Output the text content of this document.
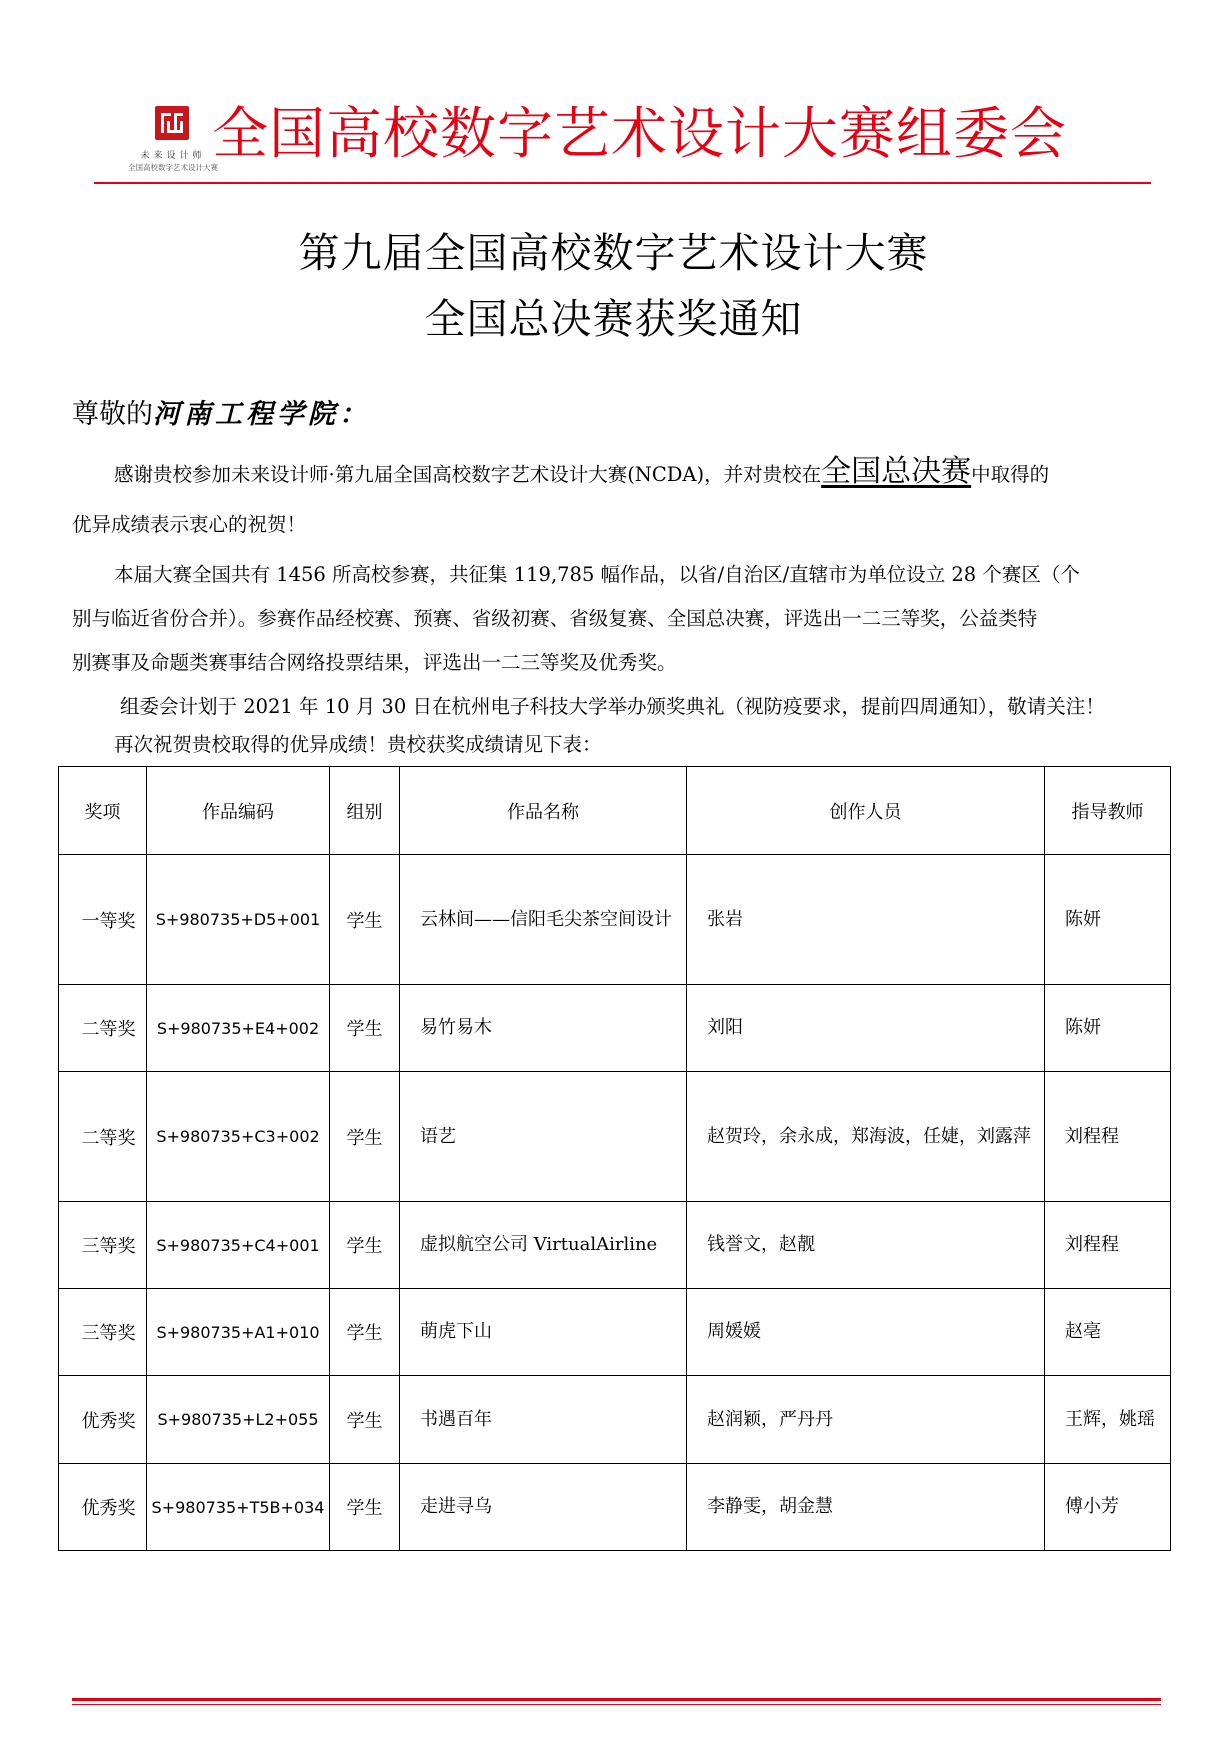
未来设计师
全国高校数字艺术设计大赛
全国高校数字艺术设计大赛组委会
第九届全国高校数字艺术设计大赛
全国总决赛获奖通知
尊敬的河南工程学院：
感谢贵校参加未来设计师·第九届全国高校数字艺术设计大赛(NCDA)，并对贵校在全国总决赛中取得的
优异成绩表示衷心的祝贺！
本届大赛全国共有 1456 所高校参赛，共征集 119,785 幅作品，以省/自治区/直辖市为单位设立 28 个赛区（个
别与临近省份合并）。参赛作品经校赛、预赛、省级初赛、省级复赛、全国总决赛，评选出一二三等奖，公益类特
别赛事及命题类赛事结合网络投票结果，评选出一二三等奖及优秀奖。
组委会计划于 2021 年 10 月 30 日在杭州电子科技大学举办颁奖典礼（视防疫要求，提前四周通知），敬请关注！
再次祝贺贵校取得的优异成绩！贵校获奖成绩请见下表：
奖项	作品编码	组别	作品名称	创作人员	指导教师
一等奖	S+980735+D5+001	学生	云林间——信阳毛尖茶空间设计	张岩	陈妍
二等奖	S+980735+E4+002	学生	易竹易木	刘阳	陈妍
二等奖	S+980735+C3+002	学生	语艺	赵贺玲，余永成，郑海波，任婕，刘露萍	刘程程
三等奖	S+980735+C4+001	学生	虚拟航空公司 VirtualAirline	钱誉文，赵靓	刘程程
三等奖	S+980735+A1+010	学生	萌虎下山	周媛媛	赵亳
优秀奖	S+980735+L2+055	学生	书遇百年	赵润颖，严丹丹	王辉，姚瑶
优秀奖	S+980735+T5B+034	学生	走进寻乌	李静雯，胡金慧	傅小芳
